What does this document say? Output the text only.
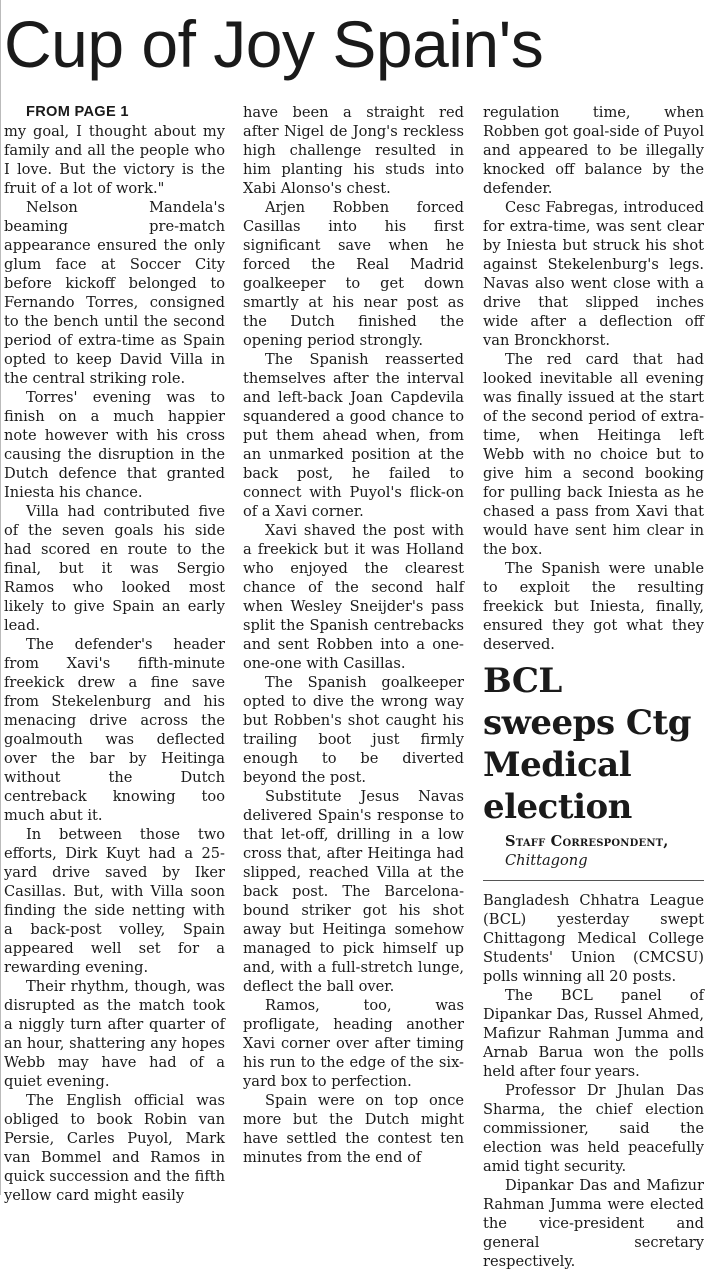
Cup of Joy Spain's

FROM PAGE 1

my goal, I thought about my family and all the people who I love. But the victory is the fruit of a lot of work."

Nelson Mandela's beaming pre-match appearance ensured the only glum face at Soccer City before kickoff belonged to Fernando Torres, consigned to the bench until the second period of extra-time as Spain opted to keep David Villa in the central striking role.

Torres' evening was to finish on a much happier note however with his cross causing the disruption in the Dutch defence that granted Iniesta his chance.

Villa had contributed five of the seven goals his side had scored en route to the final, but it was Sergio Ramos who looked most likely to give Spain an early lead.

The defender's header from Xavi's fifth-minute freekick drew a fine save from Stekelenburg and his menacing drive across the goalmouth was deflected over the bar by Heitinga without the Dutch centreback knowing too much abut it.

In between those two efforts, Dirk Kuyt had a 25-yard drive saved by Iker Casillas. But, with Villa soon finding the side netting with a back-post volley, Spain appeared well set for a rewarding evening.

Their rhythm, though, was disrupted as the match took a niggly turn after quarter of an hour, shattering any hopes Webb may have had of a quiet evening.

The English official was obliged to book Robin van Persie, Carles Puyol, Mark van Bommel and Ramos in quick succession and the fifth yellow card might easily

have been a straight red after Nigel de Jong's reckless high challenge resulted in him planting his studs into Xabi Alonso's chest.

Arjen Robben forced Casillas into his first significant save when he forced the Real Madrid goalkeeper to get down smartly at his near post as the Dutch finished the opening period strongly.

The Spanish reasserted themselves after the interval and left-back Joan Capdevila squandered a good chance to put them ahead when, from an unmarked position at the back post, he failed to connect with Puyol's flick-on of a Xavi corner.

Xavi shaved the post with a freekick but it was Holland who enjoyed the clearest chance of the second half when Wesley Sneijder's pass split the Spanish centrebacks and sent Robben into a one-one-one with Casillas.

The Spanish goalkeeper opted to dive the wrong way but Robben's shot caught his trailing boot just firmly enough to be diverted beyond the post.

Substitute Jesus Navas delivered Spain's response to that let-off, drilling in a low cross that, after Heitinga had slipped, reached Villa at the back post. The Barcelona-bound striker got his shot away but Heitinga somehow managed to pick himself up and, with a full-stretch lunge, deflect the ball over.

Ramos, too, was profligate, heading another Xavi corner over after timing his run to the edge of the six-yard box to perfection.

Spain were on top once more but the Dutch might have settled the contest ten minutes from the end of

regulation time, when Robben got goal-side of Puyol and appeared to be illegally knocked off balance by the defender.

Cesc Fabregas, introduced for extra-time, was sent clear by Iniesta but struck his shot against Stekelenburg's legs. Navas also went close with a drive that slipped inches wide after a deflection off van Bronckhorst.

The red card that had looked inevitable all evening was finally issued at the start of the second period of extra-time, when Heitinga left Webb with no choice but to give him a second booking for pulling back Iniesta as he chased a pass from Xavi that would have sent him clear in the box.

The Spanish were unable to exploit the resulting freekick but Iniesta, finally, ensured they got what they deserved.

BCL sweeps Ctg Medical election

Staff Correspondent,
Chittagong

Bangladesh Chhatra League (BCL) yesterday swept Chittagong Medical College Students' Union (CMCSU) polls winning all 20 posts.

The BCL panel of Dipankar Das, Russel Ahmed, Mafizur Rahman Jumma and Arnab Barua won the polls held after four years.

Professor Dr Jhulan Das Sharma, the chief election commissioner, said the election was held peacefully amid tight security.

Dipankar Das and Mafizur Rahman Jumma were elected the vice-president and general secretary respectively.
